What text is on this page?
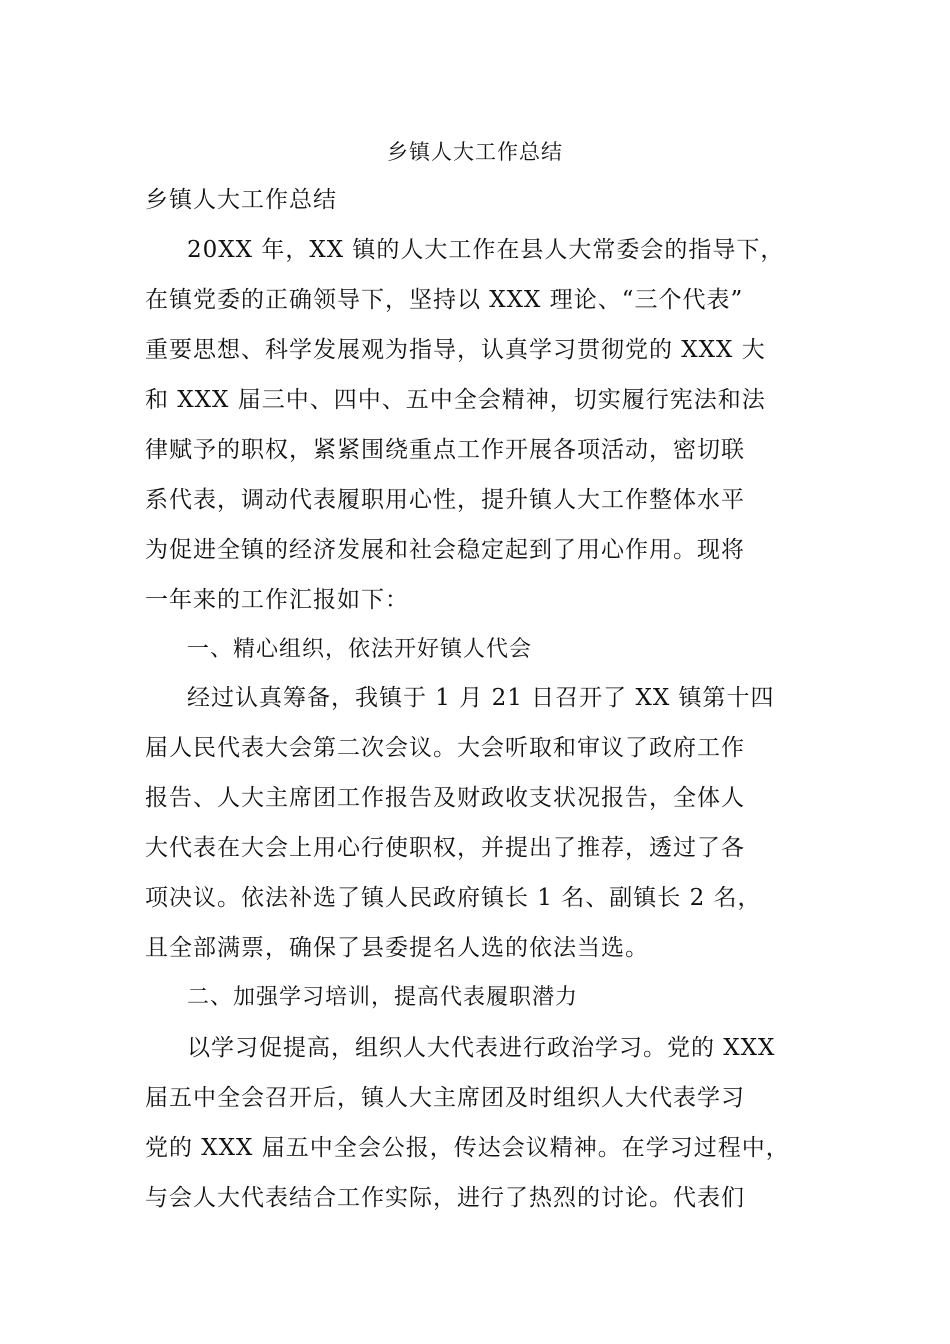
乡镇人大工作总结
乡镇人大工作总结
20XX 年，XX 镇的人大工作在县人大常委会的指导下，
在镇党委的正确领导下，坚持以 XXX 理论、“三个代表”
重要思想、科学发展观为指导，认真学习贯彻党的 XXX 大
和 XXX 届三中、四中、五中全会精神，切实履行宪法和法
律赋予的职权，紧紧围绕重点工作开展各项活动，密切联
系代表，调动代表履职用心性，提升镇人大工作整体水平
为促进全镇的经济发展和社会稳定起到了用心作用。现将
一年来的工作汇报如下：
一、精心组织，依法开好镇人代会
经过认真筹备，我镇于 1 月 21 日召开了 XX 镇第十四
届人民代表大会第二次会议。大会听取和审议了政府工作
报告、人大主席团工作报告及财政收支状况报告，全体人
大代表在大会上用心行使职权，并提出了推荐，透过了各
项决议。依法补选了镇人民政府镇长 1 名、副镇长 2 名，
且全部满票，确保了县委提名人选的依法当选。
二、加强学习培训，提高代表履职潜力
以学习促提高，组织人大代表进行政治学习。党的 XXX
届五中全会召开后，镇人大主席团及时组织人大代表学习
党的 XXX 届五中全会公报，传达会议精神。在学习过程中，
与会人大代表结合工作实际，进行了热烈的讨论。代表们
